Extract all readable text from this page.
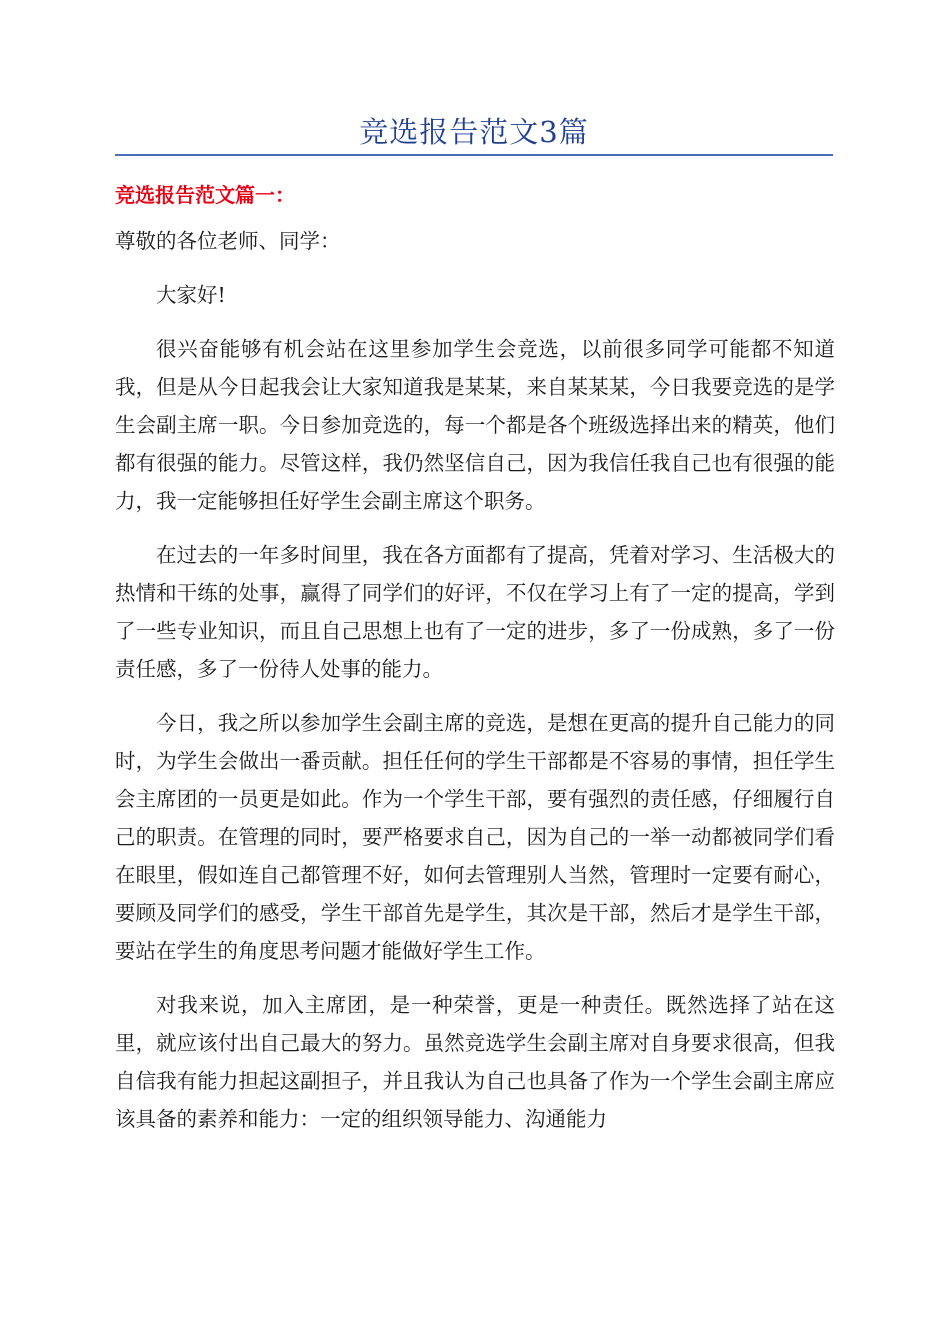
竞选报告范文3篇
竞选报告范文篇一：

尊敬的各位老师、同学：

大家好!

很兴奋能够有机会站在这里参加学生会竞选，以前很多同学可能都不知道我，但是从今日起我会让大家知道我是某某，来自某某某，今日我要竞选的是学生会副主席一职。今日参加竞选的，每一个都是各个班级选择出来的精英，他们都有很强的能力。尽管这样，我仍然坚信自己，因为我信任我自己也有很强的能力，我一定能够担任好学生会副主席这个职务。

在过去的一年多时间里，我在各方面都有了提高，凭着对学习、生活极大的热情和干练的处事，赢得了同学们的好评，不仅在学习上有了一定的提高，学到了一些专业知识，而且自己思想上也有了一定的进步，多了一份成熟，多了一份责任感，多了一份待人处事的能力。

今日，我之所以参加学生会副主席的竞选，是想在更高的提升自己能力的同时，为学生会做出一番贡献。担任任何的学生干部都是不容易的事情，担任学生会主席团的一员更是如此。作为一个学生干部，要有强烈的责任感，仔细履行自己的职责。在管理的同时，要严格要求自己，因为自己的一举一动都被同学们看在眼里，假如连自己都管理不好，如何去管理别人当然，管理时一定要有耐心，要顾及同学们的感受，学生干部首先是学生，其次是干部，然后才是学生干部，要站在学生的角度思考问题才能做好学生工作。

对我来说，加入主席团，是一种荣誉，更是一种责任。既然选择了站在这里，就应该付出自己最大的努力。虽然竞选学生会副主席对自身要求很高，但我自信我有能力担起这副担子，并且我认为自己也具备了作为一个学生会副主席应该具备的素养和能力：一定的组织领导能力、沟通能力
